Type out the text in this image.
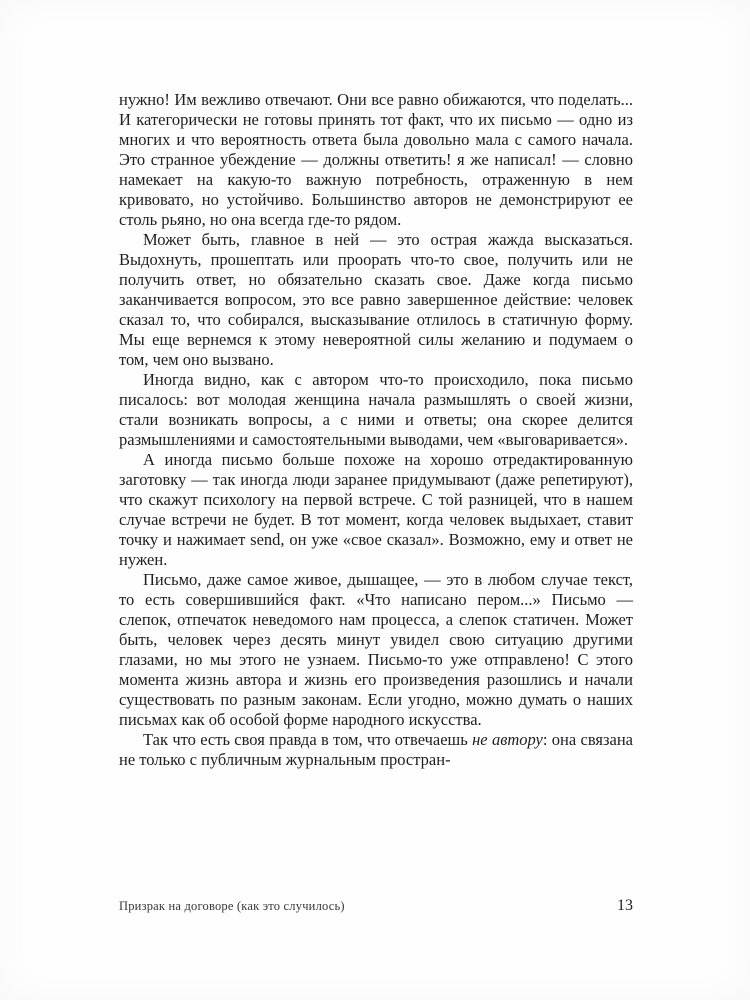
нужно! Им вежливо отвечают. Они все равно обижаются, что поделать... И категорически не готовы принять тот факт, что их письмо — одно из многих и что вероятность ответа была довольно мала с самого начала. Это странное убеждение — должны ответить! я же написал! — словно намекает на какую-то важную потребность, отраженную в нем кривовато, но устойчиво. Большинство авторов не демонстрируют ее столь рьяно, но она всегда где-то рядом.

Может быть, главное в ней — это острая жажда высказаться. Выдохнуть, прошептать или проорать что-то свое, получить или не получить ответ, но обязательно сказать свое. Даже когда письмо заканчивается вопросом, это все равно завершенное действие: человек сказал то, что собирался, высказывание отлилось в статичную форму. Мы еще вернемся к этому невероятной силы желанию и подумаем о том, чем оно вызвано.

Иногда видно, как с автором что-то происходило, пока письмо писалось: вот молодая женщина начала размышлять о своей жизни, стали возникать вопросы, а с ними и ответы; она скорее делится размышлениями и самостоятельными выводами, чем «выговаривается».

А иногда письмо больше похоже на хорошо отредактированную заготовку — так иногда люди заранее придумывают (даже репетируют), что скажут психологу на первой встрече. С той разницей, что в нашем случае встречи не будет. В тот момент, когда человек выдыхает, ставит точку и нажимает send, он уже «свое сказал». Возможно, ему и ответ не нужен.

Письмо, даже самое живое, дышащее, — это в любом случае текст, то есть совершившийся факт. «Что написано пером...» Письмо — слепок, отпечаток неведомого нам процесса, а слепок статичен. Может быть, человек через десять минут увидел свою ситуацию другими глазами, но мы этого не узнаем. Письмо-то уже отправлено! С этого момента жизнь автора и жизнь его произведения разошлись и начали существовать по разным законам. Если угодно, можно думать о наших письмах как об особой форме народного искусства.

Так что есть своя правда в том, что отвечаешь не автору: она связана не только с публичным журнальным простран-

Призрак на договоре (как это случилось)	13
